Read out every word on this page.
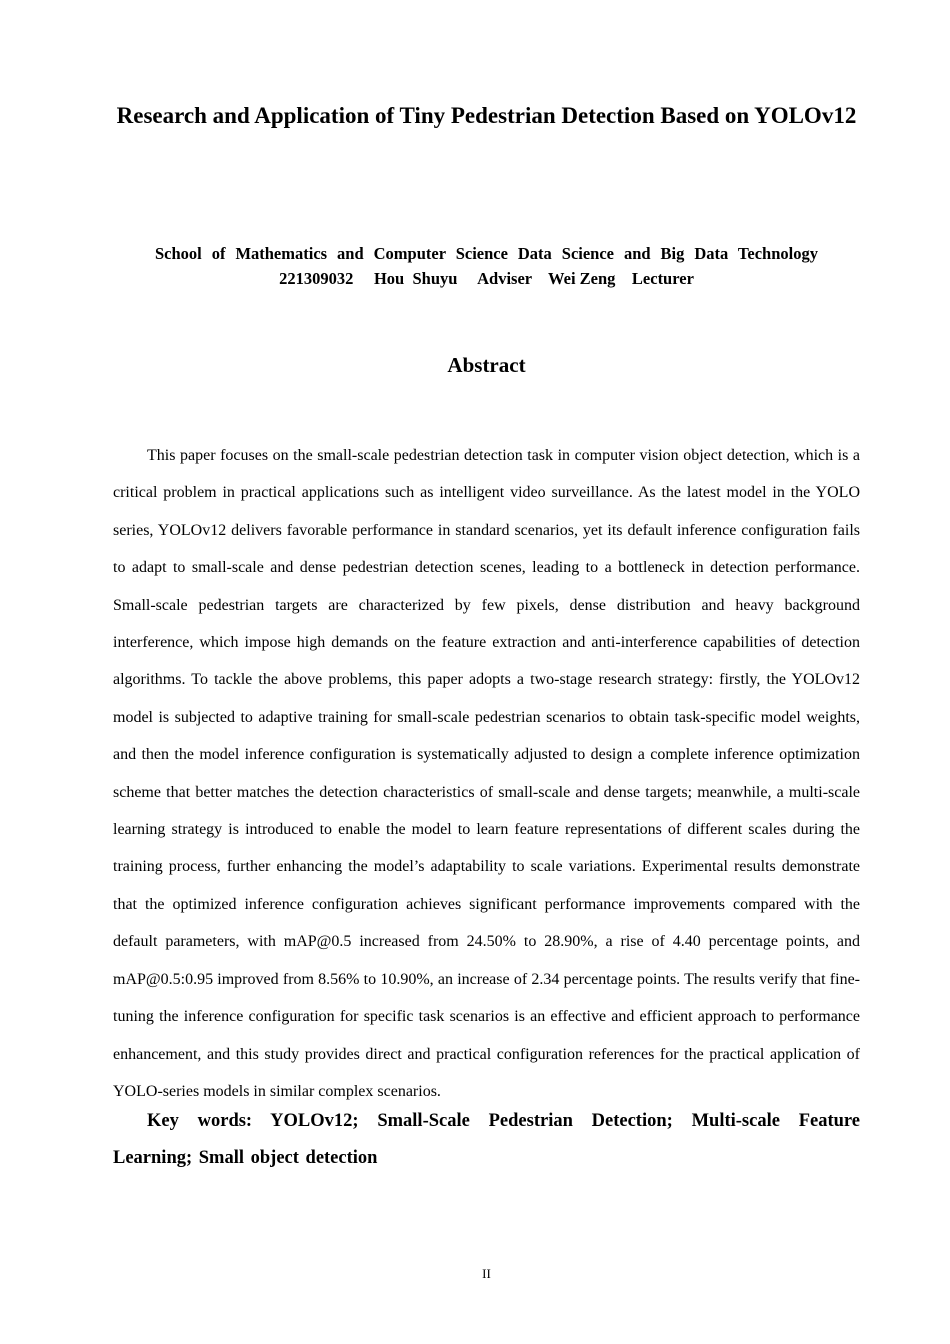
Research and Application of Tiny Pedestrian Detection Based on YOLOv12
School of Mathematics and Computer Science Data Science and Big Data Technology
221309032     Hou  Shuyu     Adviser    Wei Zeng    Lecturer
Abstract

This paper focuses on the small-scale pedestrian detection task in computer vision object detection, which is a critical problem in practical applications such as intelligent video surveillance. As the latest model in the YOLO series, YOLOv12 delivers favorable performance in standard scenarios, yet its default inference configuration fails to adapt to small-scale and dense pedestrian detection scenes, leading to a bottleneck in detection performance. Small-scale pedestrian targets are characterized by few pixels, dense distribution and heavy background interference, which impose high demands on the feature extraction and anti-interference capabilities of detection algorithms. To tackle the above problems, this paper adopts a two-stage research strategy: firstly, the YOLOv12 model is subjected to adaptive training for small-scale pedestrian scenarios to obtain task-specific model weights, and then the model inference configuration is systematically adjusted to design a complete inference optimization scheme that better matches the detection characteristics of small-scale and dense targets; meanwhile, a multi-scale learning strategy is introduced to enable the model to learn feature representations of different scales during the training process, further enhancing the model’s adaptability to scale variations. Experimental results demonstrate that the optimized inference configuration achieves significant performance improvements compared with the default parameters, with mAP@0.5 increased from 24.50% to 28.90%, a rise of 4.40 percentage points, and mAP@0.5:0.95 improved from 8.56% to 10.90%, an increase of 2.34 percentage points. The results verify that fine-tuning the inference configuration for specific task scenarios is an effective and efficient approach to performance enhancement, and this study provides direct and practical configuration references for the practical application of YOLO-series models in similar complex scenarios.

Key words: YOLOv12; Small-Scale Pedestrian Detection; Multi-scale Feature Learning; Small object detection

II
